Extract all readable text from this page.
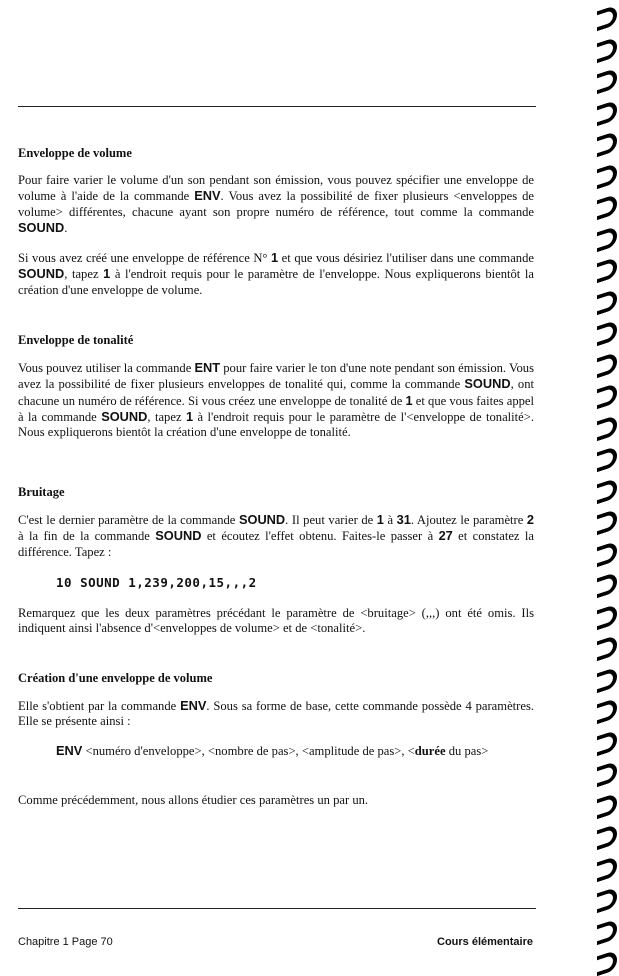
Enveloppe de volume
Pour faire varier le volume d'un son pendant son émission, vous pouvez spécifier une enveloppe de volume à l'aide de la commande ENV. Vous avez la possibilité de fixer plusieurs <enveloppes de volume> différentes, chacune ayant son propre numéro de référence, tout comme la commande SOUND.
Si vous avez créé une enveloppe de référence N° 1 et que vous désiriez l'utiliser dans une commande SOUND, tapez 1 à l'endroit requis pour le paramètre de l'enveloppe. Nous expliquerons bientôt la création d'une enveloppe de volume.
Enveloppe de tonalité
Vous pouvez utiliser la commande ENT pour faire varier le ton d'une note pendant son émission. Vous avez la possibilité de fixer plusieurs enveloppes de tonalité qui, comme la commande SOUND, ont chacune un numéro de référence. Si vous créez une enveloppe de tonalité de 1 et que vous faites appel à la commande SOUND, tapez 1 à l'endroit requis pour le paramètre de l'<enveloppe de tonalité>. Nous expliquerons bientôt la création d'une enveloppe de tonalité.
Bruitage
C'est le dernier paramètre de la commande SOUND. Il peut varier de 1 à 31. Ajoutez le paramètre 2 à la fin de la commande SOUND et écoutez l'effet obtenu. Faites-le passer à 27 et constatez la différence. Tapez :
10 SOUND 1,239,200,15,,,2
Remarquez que les deux paramètres précédant le paramètre de <bruitage> (,,,) ont été omis. Ils indiquent ainsi l'absence d'<enveloppes de volume> et de <tonalité>.
Création d'une enveloppe de volume
Elle s'obtient par la commande ENV. Sous sa forme de base, cette commande possède 4 paramètres. Elle se présente ainsi :
ENV <numéro d'enveloppe>, <nombre de pas>, <amplitude de pas>, <durée du pas>
Comme précédemment, nous allons étudier ces paramètres un par un.
Chapitre 1 Page 70	Cours élémentaire
